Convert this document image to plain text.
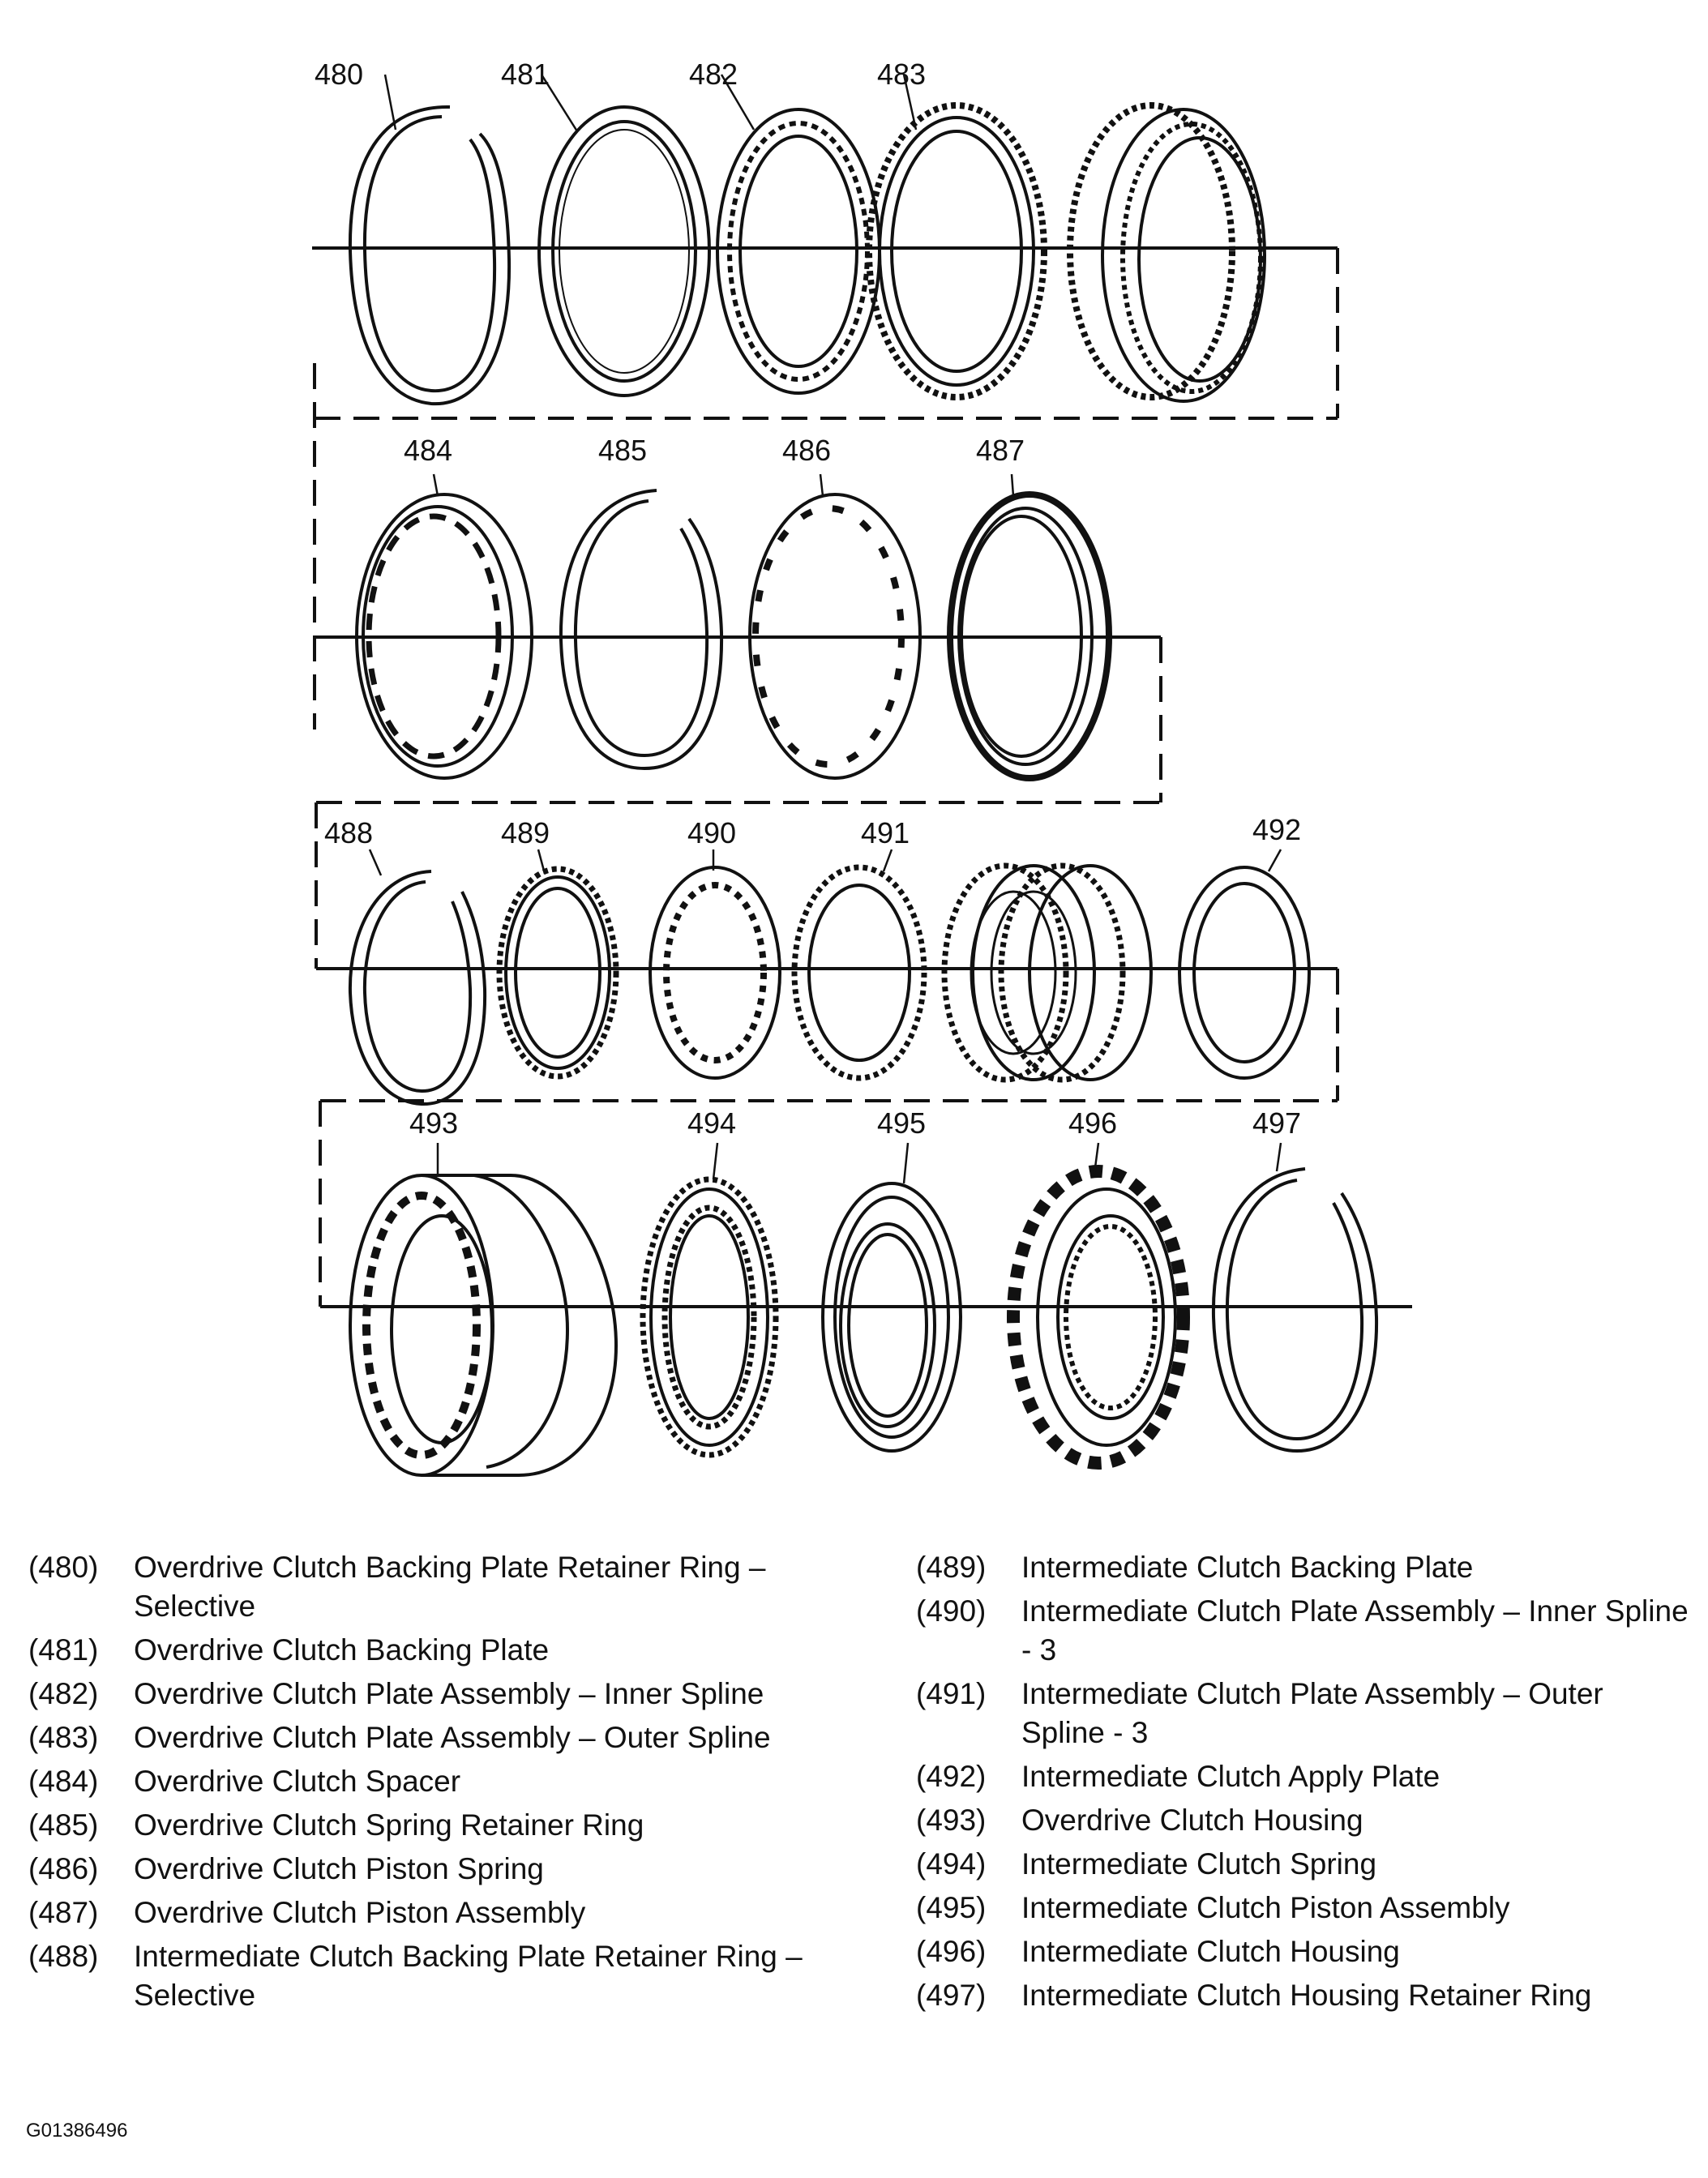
480	481	482	483
484	485	486	487
488	489	490	491	492
493	494	495	496	497
(480)	Overdrive Clutch Backing Plate Retainer Ring – Selective
(481)	Overdrive Clutch Backing Plate
(482)	Overdrive Clutch Plate Assembly – Inner Spline
(483)	Overdrive Clutch Plate Assembly – Outer Spline
(484)	Overdrive Clutch Spacer
(485)	Overdrive Clutch Spring Retainer Ring
(486)	Overdrive Clutch Piston Spring
(487)	Overdrive Clutch Piston Assembly
(488)	Intermediate Clutch Backing Plate Retainer Ring – Selective
(489)	Intermediate Clutch Backing Plate
(490)	Intermediate Clutch Plate Assembly – Inner Spline - 3
(491)	Intermediate Clutch Plate Assembly – Outer Spline - 3
(492)	Intermediate Clutch Apply Plate
(493)	Overdrive Clutch Housing
(494)	Intermediate Clutch Spring
(495)	Intermediate Clutch Piston Assembly
(496)	Intermediate Clutch Housing
(497)	Intermediate Clutch Housing Retainer Ring
G01386496
